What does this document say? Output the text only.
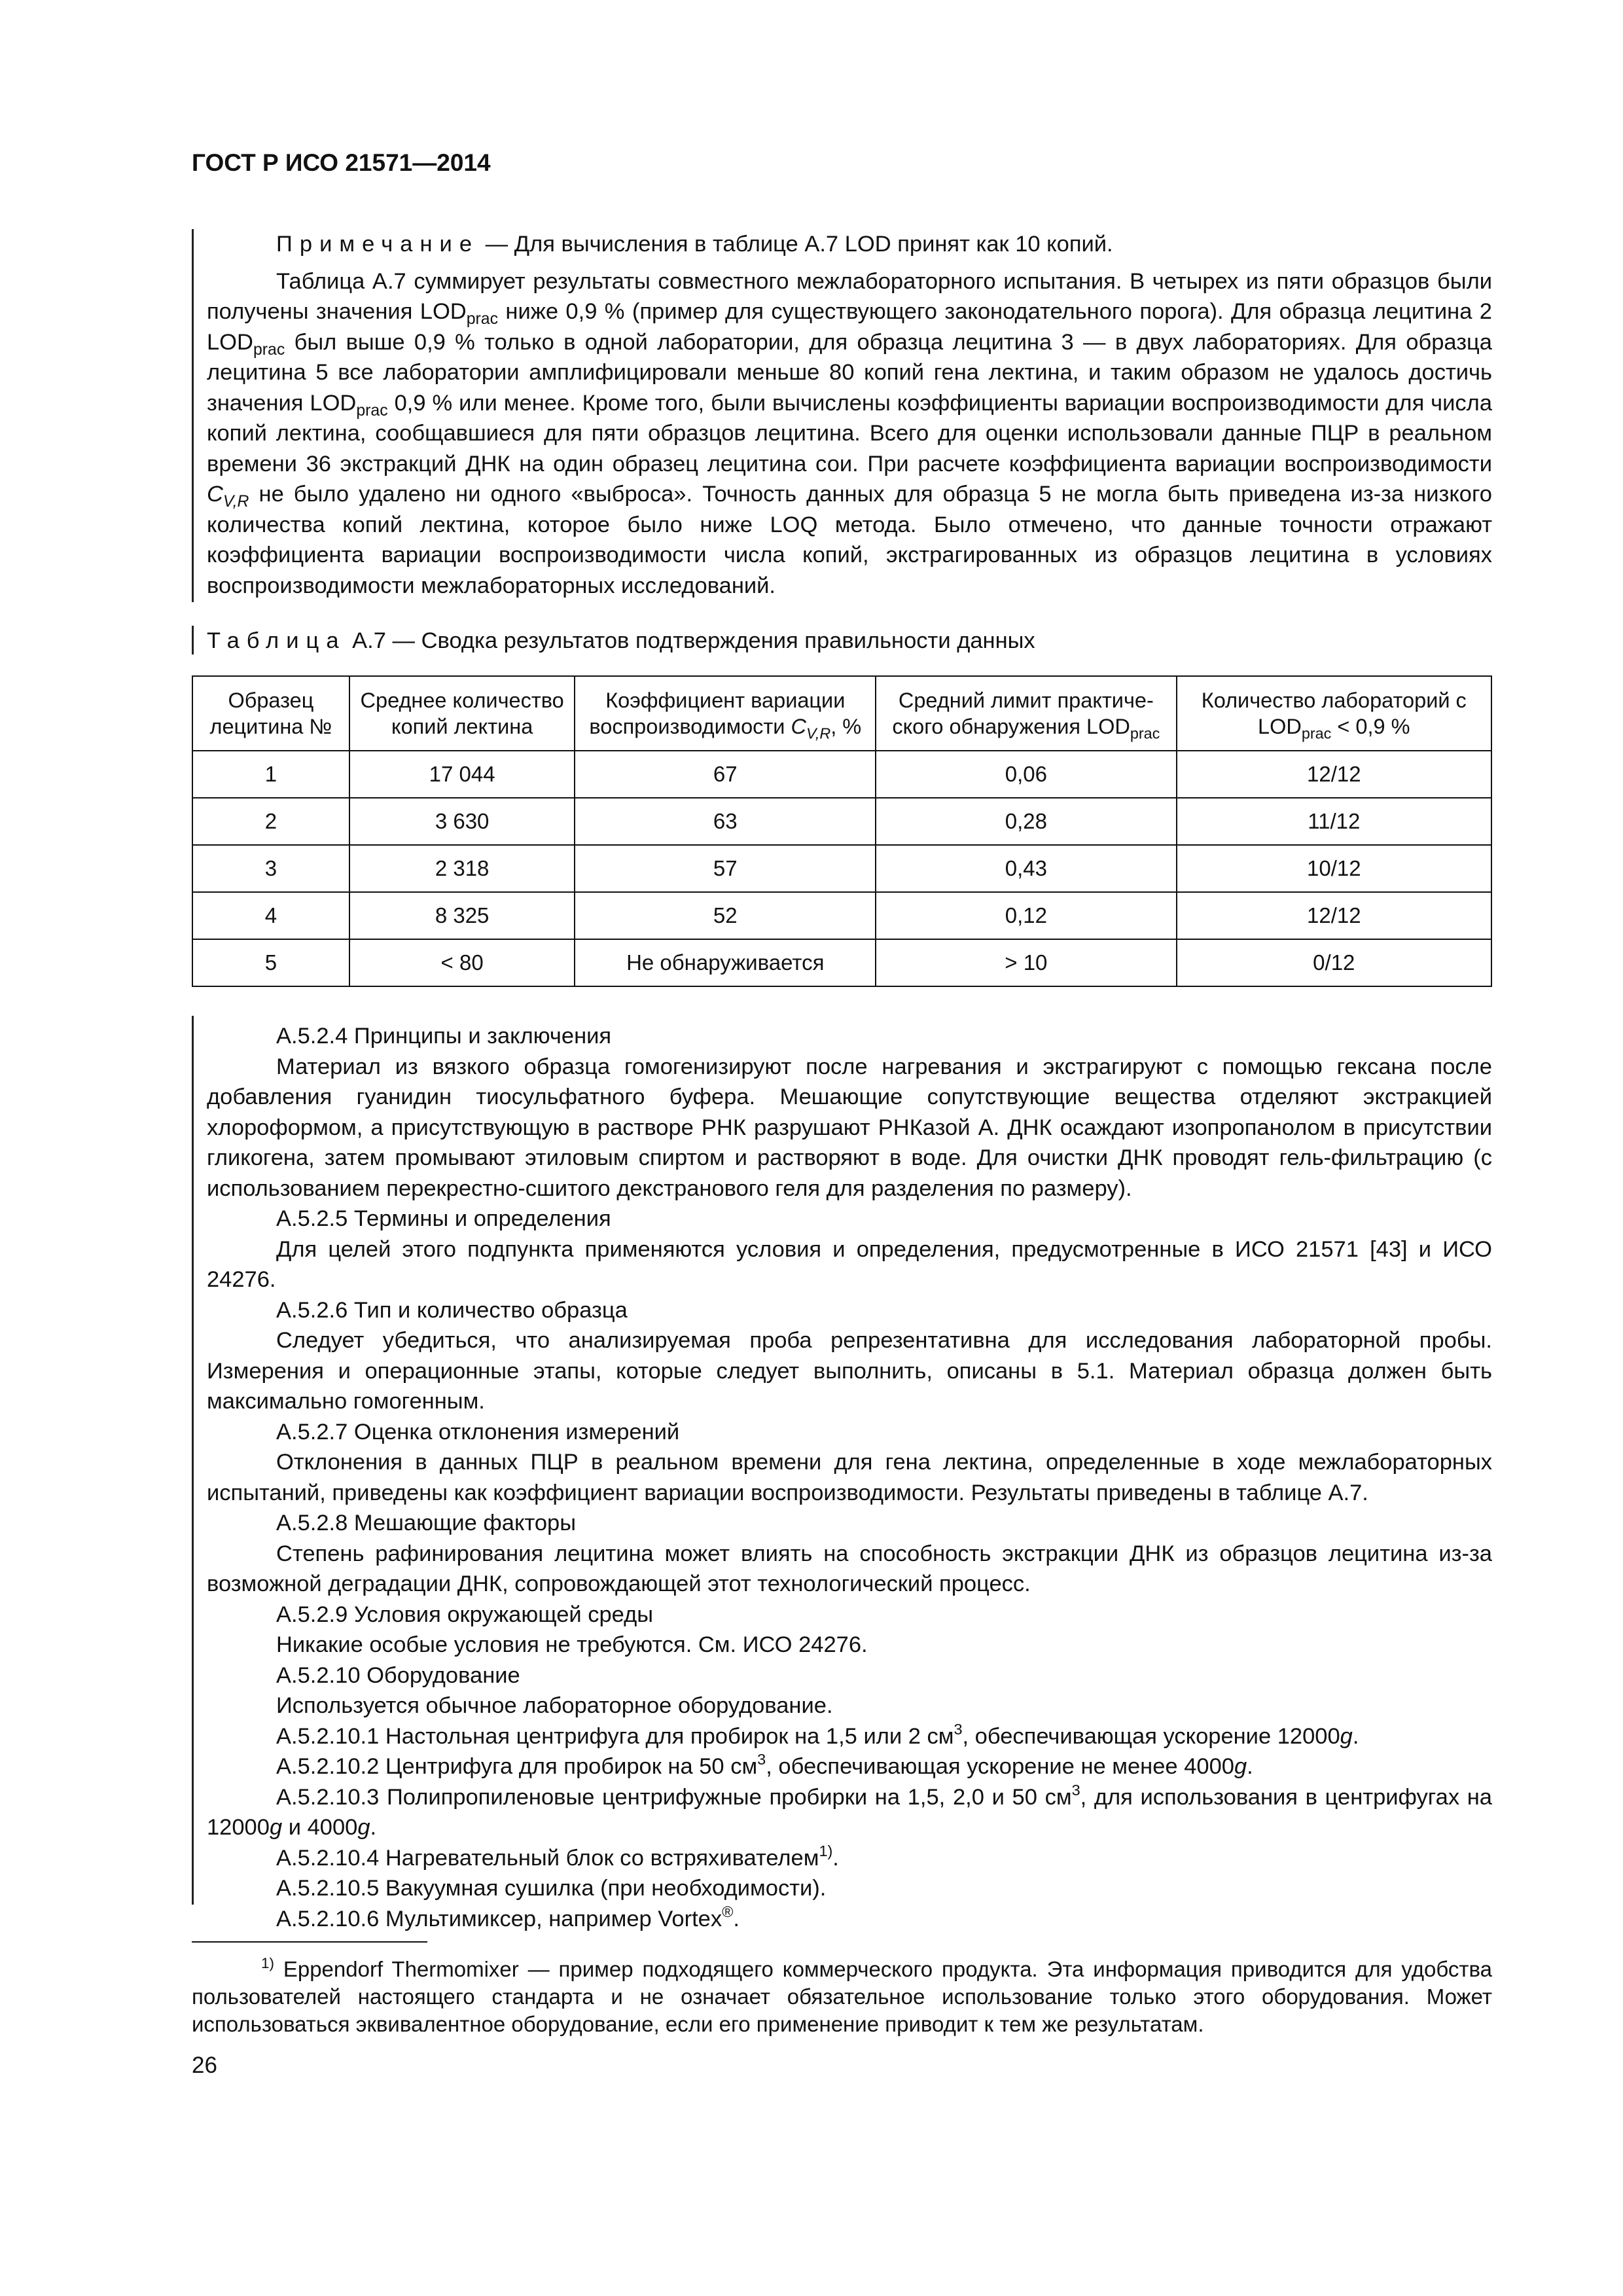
ГОСТ Р ИСО 21571—2014

Примечание — Для вычисления в таблице А.7 LOD принят как 10 копий.

Таблица А.7 суммирует результаты совместного межлабораторного испытания. В четырех из пяти образцов были получены значения $LOD_{prac}$ ниже 0,9 % (пример для существующего законодательного порога). Для образца лецитина 2 $LOD_{prac}$ был выше 0,9 % только в одной лаборатории, для образца лецитина 3 — в двух лабораториях. Для образца лецитина 5 все лаборатории амплифицировали меньше 80 копий гена лектина, и таким образом не удалось достичь значения $LOD_{prac}$ 0,9 % или менее. Кроме того, были вычислены коэффициенты вариации воспроизводимости для числа копий лектина, сообщавшиеся для пяти образцов лецитина. Всего для оценки использовали данные ПЦР в реальном времени 36 экстракций ДНК на один образец лецитина сои. При расчете коэффициента вариации воспроизводимости $C_{V,R}$ не было удалено ни одного «выброса». Точность данных для образца 5 не могла быть приведена из-за низкого количества копий лектина, которое было ниже LOQ метода. Было отмечено, что данные точности отражают коэффициента вариации воспроизводимости числа копий, экстрагированных из образцов лецитина в условиях воспроизводимости межлабораторных исследований.

Таблица А.7 — Сводка результатов подтверждения правильности данных
Образец лецитина №	Среднее количество копий лектина	Коэффициент вариации воспроизводимости $C_{V,R}$, %	Средний лимит практического обнаружения $LOD_{prac}$	Количество лабораторий с $LOD_{prac} < 0,9$ %
1	17 044	67	0,06	12/12
2	3 630	63	0,28	11/12
3	2 318	57	0,43	10/12
4	8 325	52	0,12	12/12
5	< 80	Не обнаруживается	> 10	0/12

А.5.2.4 Принципы и заключения

Материал из вязкого образца гомогенизируют после нагревания и экстрагируют с помощью гексана после добавления гуанидин тиосульфатного буфера. Мешающие сопутствующие вещества отделяют экстракцией хлороформом, а присутствующую в растворе РНК разрушают РНКазой А. ДНК осаждают изопропанолом в присутствии гликогена, затем промывают этиловым спиртом и растворяют в воде. Для очистки ДНК проводят гель-фильтрацию (с использованием перекрестно-сшитого декстранового геля для разделения по размеру).

А.5.2.5 Термины и определения

Для целей этого подпункта применяются условия и определения, предусмотренные в ИСО 21571 [43] и ИСО 24276.

А.5.2.6 Тип и количество образца

Следует убедиться, что анализируемая проба репрезентативна для исследования лабораторной пробы. Измерения и операционные этапы, которые следует выполнить, описаны в 5.1. Материал образца должен быть максимально гомогенным.

А.5.2.7 Оценка отклонения измерений

Отклонения в данных ПЦР в реальном времени для гена лектина, определенные в ходе межлабораторных испытаний, приведены как коэффициент вариации воспроизводимости. Результаты приведены в таблице А.7.

А.5.2.8 Мешающие факторы

Степень рафинирования лецитина может влиять на способность экстракции ДНК из образцов лецитина из-за возможной деградации ДНК, сопровождающей этот технологический процесс.

А.5.2.9 Условия окружающей среды

Никакие особые условия не требуются. См. ИСО 24276.

А.5.2.10 Оборудование

Используется обычное лабораторное оборудование.

А.5.2.10.1 Настольная центрифуга для пробирок на 1,5 или 2 $см^3$, обеспечивающая ускорение 12000g.

А.5.2.10.2 Центрифуга для пробирок на 50 $см^3$, обеспечивающая ускорение не менее 4000g.

А.5.2.10.3 Полипропиленовые центрифужные пробирки на 1,5, 2,0 и 50 $см^3$, для использования в центрифугах на 12000g и 4000g.

А.5.2.10.4 Нагревательный блок со встряхивателем$^{1)}$.

А.5.2.10.5 Вакуумная сушилка (при необходимости).

А.5.2.10.6 Мультимиксер, например Vortex®.

$^{1)}$ Eppendorf Thermomixer — пример подходящего коммерческого продукта. Эта информация приводится для удобства пользователей настоящего стандарта и не означает обязательное использование только этого оборудования. Может использоваться эквивалентное оборудование, если его применение приводит к тем же результатам.
26
